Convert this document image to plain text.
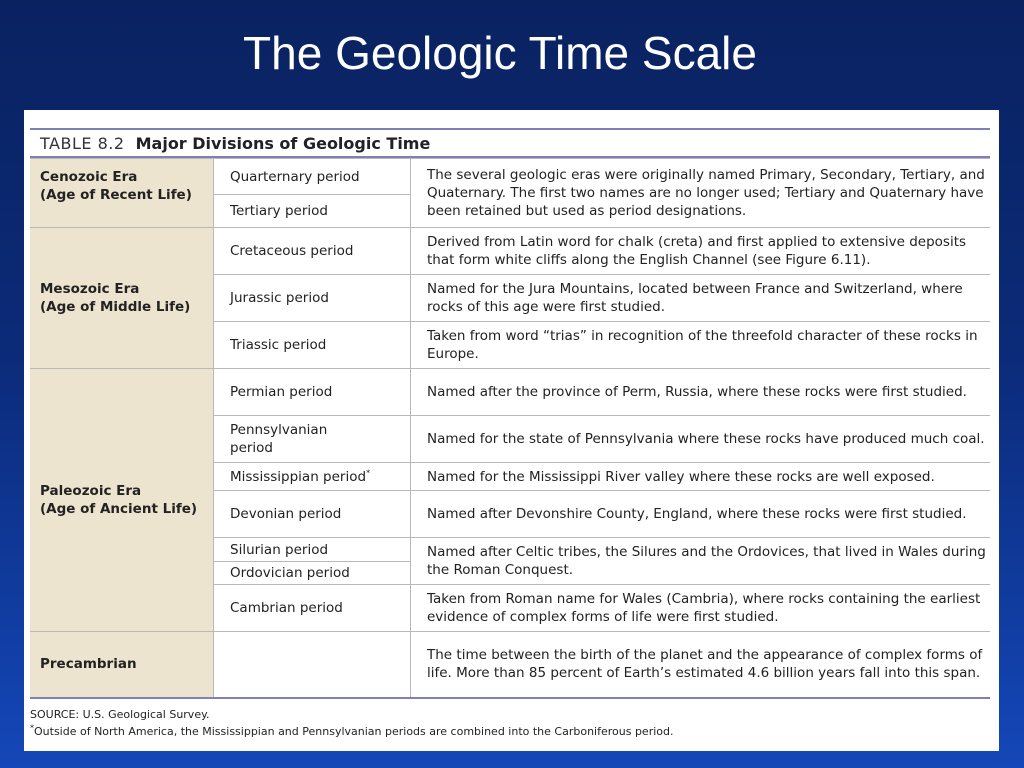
The Geologic Time Scale
TABLE 8.2 Major Divisions of Geologic Time
Cenozoic Era
(Age of Recent Life)	Quarternary period	The several geologic eras were originally named Primary, Secondary, Tertiary, and Quaternary. The first two names are no longer used; Tertiary and Quaternary have been retained but used as period designations.
	Tertiary period	

Mesozoic Era
(Age of Middle Life)	Cretaceous period	Derived from Latin word for chalk (creta) and first applied to extensive deposits that form white cliffs along the English Channel (see Figure 6.11).
	Jurassic period	Named for the Jura Mountains, located between France and Switzerland, where rocks of this age were first studied.
	Triassic period	Taken from word “trias” in recognition of the threefold character of these rocks in Europe.

Paleozoic Era
(Age of Ancient Life)	Permian period	Named after the province of Perm, Russia, where these rocks were first studied.

	Pennsylvanian
period	Named for the state of Pennsylvania where these rocks have produced much coal.
	Mississippian period*	Named for the Mississippi River valley where these rocks are well exposed.
	Devonian period	Named after Devonshire County, England, where these rocks were first studied.
	Silurian period	Named after Celtic tribes, the Silures and the Ordovices, that lived in Wales during the Roman Conquest.
	Ordovician period	
	Cambrian period	Taken from Roman name for Wales (Cambria), where rocks containing the earliest evidence of complex forms of life were first studied.

Precambrian		The time between the birth of the planet and the appearance of complex forms of life. More than 85 percent of Earth’s estimated 4.6 billion years fall into this span.
SOURCE: U.S. Geological Survey.
*Outside of North America, the Mississippian and Pennsylvanian periods are combined into the Carboniferous period.
